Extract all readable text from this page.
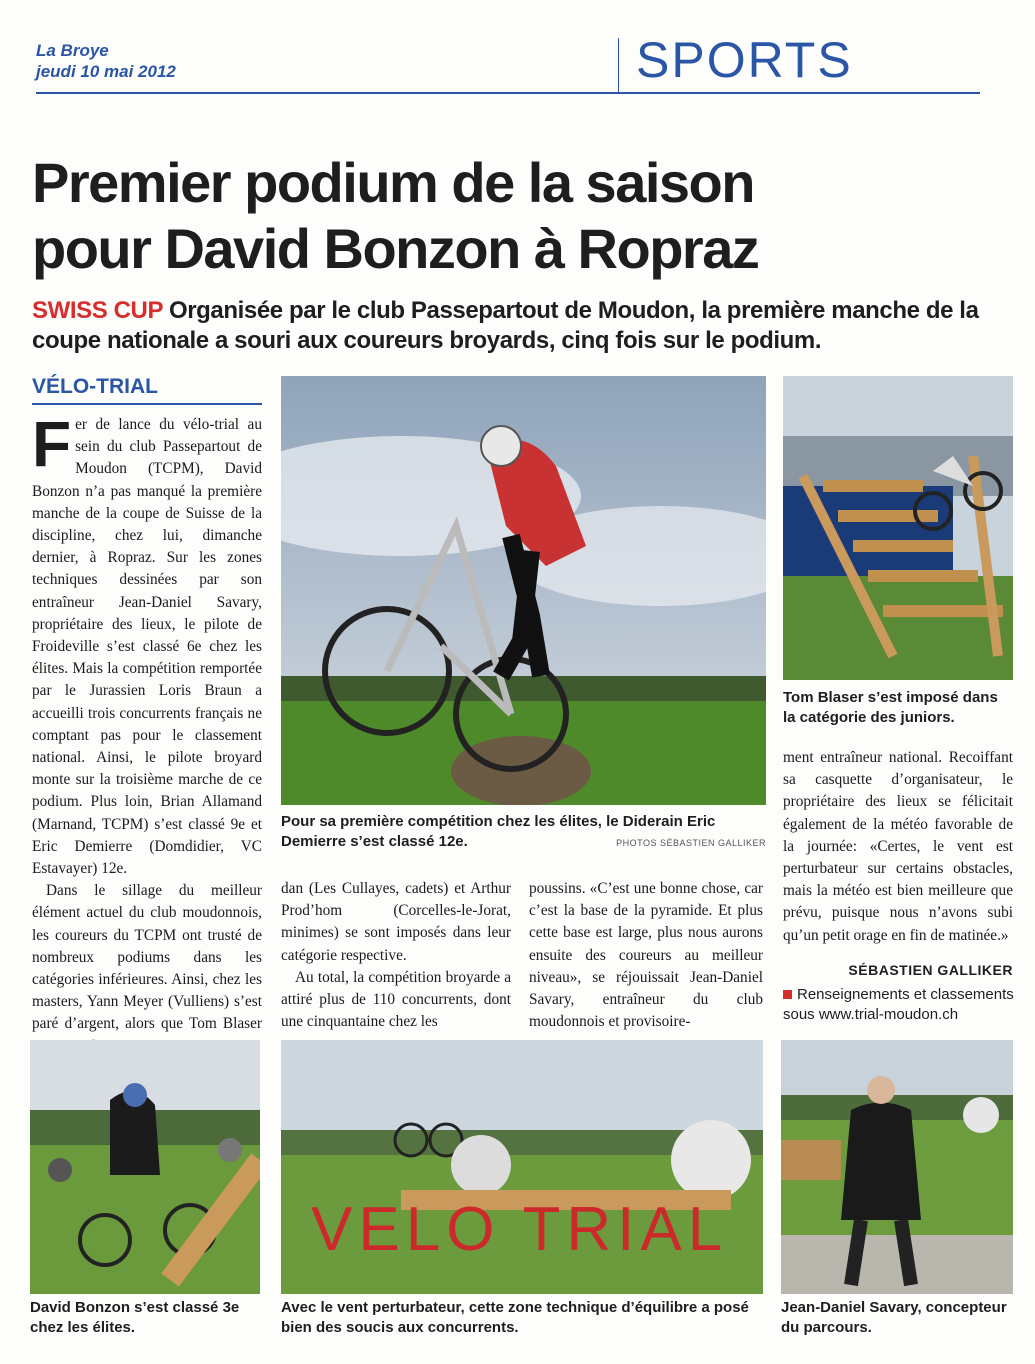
La Broye
jeudi 10 mai 2012	SPORTS
Premier podium de la saison
pour David Bonzon à Ropraz
SWISS CUP Organisée par le club Passepartout de Moudon, la première manche de la coupe nationale a souri aux coureurs broyards, cinq fois sur le podium.
VÉLO-TRIAL

Fer de lance du vélo-trial au sein du club Passepartout de Moudon (TCPM), David Bonzon n’a pas manqué la première manche de la coupe de Suisse de la discipline, chez lui, dimanche dernier, à Ropraz. Sur les zones techniques dessinées par son entraîneur Jean-Daniel Savary, propriétaire des lieux, le pilote de Froideville s’est classé 6e chez les élites. Mais la compétition remportée par le Jurassien Loris Braun a accueilli trois concurrents français ne comptant pas pour le classement national. Ainsi, le pilote broyard monte sur la troisième marche de ce podium. Plus loin, Brian Allamand (Marnand, TCPM) s’est classé 9e et Eric Demierre (Domdidier, VC Estavayer) 12e.

Dans le sillage du meilleur élément actuel du club moudonnois, les coureurs du TCPM ont trusté de nombreux podiums dans les catégories inférieures. Ainsi, chez les masters, Yann Meyer (Vulliens) s’est paré d’argent, alors que Tom Blaser

Pour sa première compétition chez les élites, le Diderain Eric Demierre s’est classé 12e.	PHOTOS SÉBASTIEN GALLIKER
Tom Blaser s’est imposé dans la catégorie des juniors.

ment entraîneur national. Recoiffant sa casquette d’organisateur, le propriétaire des lieux se félicitait également de la météo favorable de la journée: «Certes, le vent est perturbateur sur certains obstacles, mais la météo est bien meilleure que prévu, puisque nous n’avons subi qu’un petit orage en fin de matinée.»

dan (Les Cullayes, cadets) et Arthur Prod’hom (Corcelles-le-Jorat, minimes) se sont imposés dans leur catégorie respective.

Au total, la compétition broyarde a attiré plus de 110 concurrents, dont une cinquantaine chez les

poussins. «C’est une bonne chose, car c’est la base de la pyramide. Et plus cette base est large, plus nous aurons ensuite des coureurs au meilleur niveau», se réjouissait Jean-Daniel Savary, entraîneur du club moudonnois et provisoire-

SÉBASTIEN GALLIKER
Renseignements et classements
sous www.trial-moudon.ch
David Bonzon s’est classé 3e chez les élites.
VELO TRIAL
Avec le vent perturbateur, cette zone technique d’équilibre a posé bien des soucis aux concurrents.
Jean-Daniel Savary, concepteur du parcours.
